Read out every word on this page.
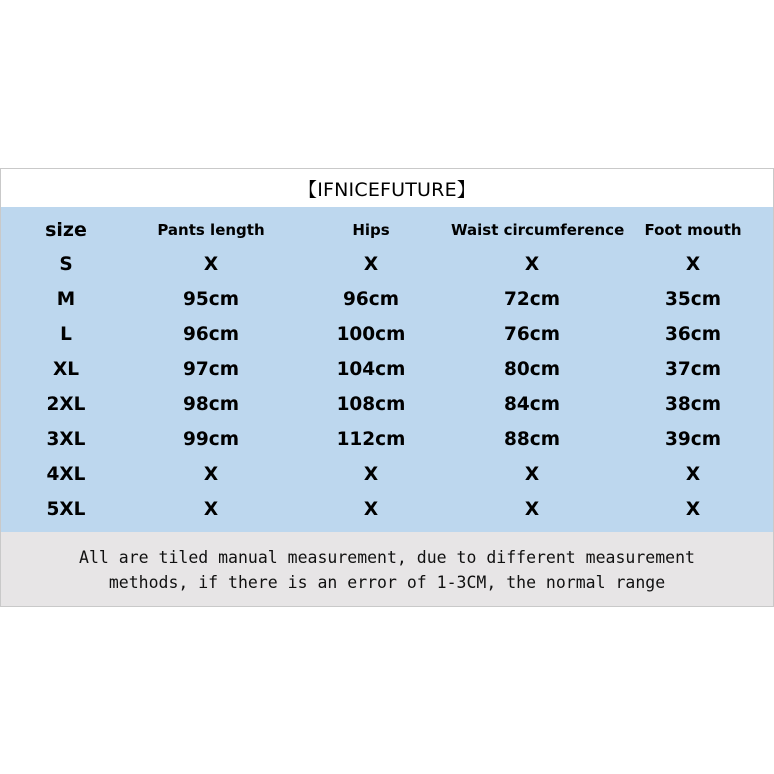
【IFNICEFUTURE】
size	Pants length	Hips	Waist circumference	Foot mouth
S	X	X	X	X
M	95cm	96cm	72cm	35cm
L	96cm	100cm	76cm	36cm
XL	97cm	104cm	80cm	37cm
2XL	98cm	108cm	84cm	38cm
3XL	99cm	112cm	88cm	39cm
4XL	X	X	X	X
5XL	X	X	X	X
All are tiled manual measurement, due to different measurement
methods, if there is an error of 1-3CM, the normal range
